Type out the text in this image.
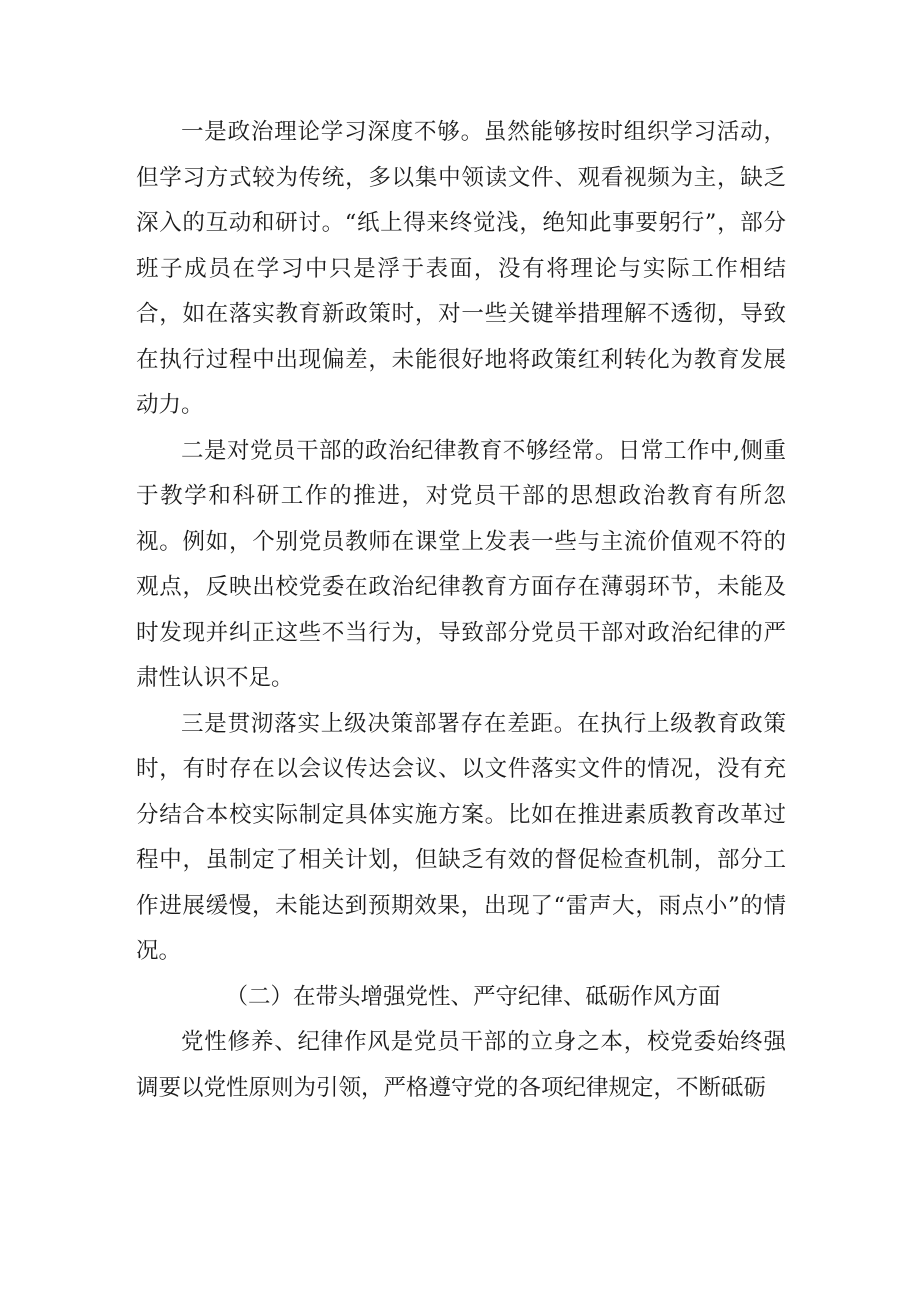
一是政治理论学习深度不够。虽然能够按时组织学习活动，但学习方式较为传统，多以集中领读文件、观看视频为主，缺乏深入的互动和研讨。“纸上得来终觉浅，绝知此事要躬行”，部分班子成员在学习中只是浮于表面，没有将理论与实际工作相结合，如在落实教育新政策时，对一些关键举措理解不透彻，导致在执行过程中出现偏差，未能很好地将政策红利转化为教育发展动力。

二是对党员干部的政治纪律教育不够经常。日常工作中,侧重于教学和科研工作的推进，对党员干部的思想政治教育有所忽视。例如，个别党员教师在课堂上发表一些与主流价值观不符的观点，反映出校党委在政治纪律教育方面存在薄弱环节，未能及时发现并纠正这些不当行为，导致部分党员干部对政治纪律的严肃性认识不足。

三是贯沏落实上级决策部署存在差距。在执行上级教育政策时，有时存在以会议传达会议、以文件落实文件的情况，没有充分结合本校实际制定具体实施方案。比如在推进素质教育改革过程中，虽制定了相关计划，但缺乏有效的督促检查机制，部分工作进展缓慢，未能达到预期效果，出现了“雷声大，雨点小”的情况。

（二）在带头增强党性、严守纪律、砥砺作风方面

党性修养、纪律作风是党员干部的立身之本，校党委始终强调要以党性原则为引领，严格遵守党的各项纪律规定，不断砥砺
